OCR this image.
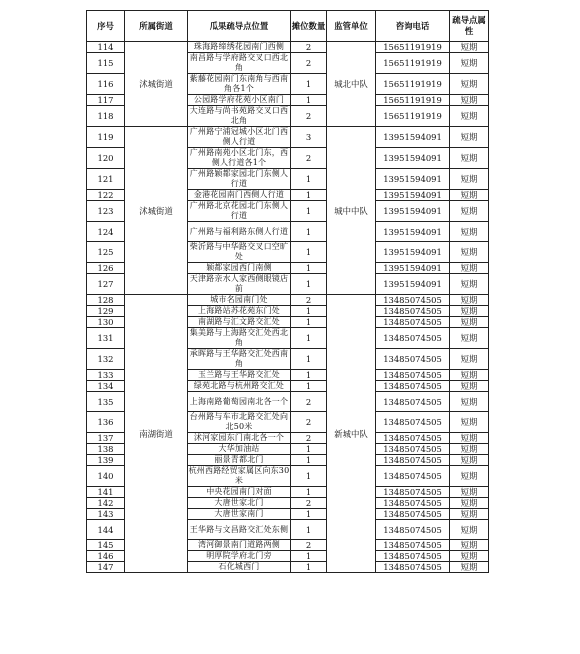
序号	所属街道	瓜果疏导点位置	摊位数量	监管单位	咨询电话	疏导点属性
114	沭城街道	珠海路缔绣花园南门西侧	2	城北中队	15651191919	短期
115		南昌路与学府路交叉口西北角	2		15651191919	短期
116		紫藤花园南门东南角与西南角各1个	1		15651191919	短期
117		公园路学府花苑小区南门	1		15651191919	短期
118		大连路与尚书苑路交叉口西北角	2		15651191919	短期
119	沭城街道	广州路宁浦冠城小区北门西侧人行道	3	城中中队	13951594091	短期
120		广州路南苑小区北门东，西侧人行道各1个	2		13951594091	短期
121		广州路颖都家园北门东侧人行道	1		13951594091	短期
122		金港花园南门西侧人行道	1		13951594091	短期
123		广州路北京花园北门东侧人行道	1		13951594091	短期
124		广州路与福利路东侧人行道	1		13951594091	短期
125		柴沂路与中华路交叉口空旷处	1		13951594091	短期
126		颖都家园西门南侧	1		13951594091	短期
127		天津路亲水人家西侧眼镜店前	1		13951594091	短期
128	南湖街道	城市名园南门处	2	新城中队	13485074505	短期
129		上海路站苏花苑东门处	1		13485074505	短期
130		南湖路与汇文路交汇处	1		13485074505	短期
131		集美路与上海路交汇处西北角	1		13485074505	短期
132		承晖路与王华路交汇处西南角	1		13485074505	短期
133		玉兰路与王华路交汇处	1		13485074505	短期
134		绿苑北路与杭州路交汇处	1		13485074505	短期
135		上海南路葡萄园南北各一个	2		13485074505	短期
136		台州路与车市北路交汇处向北50米	2		13485074505	短期
137		沭河家园东门南北各一个	2		13485074505	短期
138		大华加油站	1		13485074505	短期
139		丽景青都北门	1		13485074505	短期
140		杭州西路经贸家属区向东30米	1		13485074505	短期
141		中央花园南门对面	1		13485074505	短期
142		大唐世家北门	2		13485074505	短期
143		大唐世家南门	1		13485074505	短期
144		王华路与文昌路交汇处东侧	1		13485074505	短期
145		湾河御景南门道路两侧	2		13485074505	短期
146		明厚院学府北门旁	1		13485074505	短期
147		石化城西门	1		13485074505	短期
